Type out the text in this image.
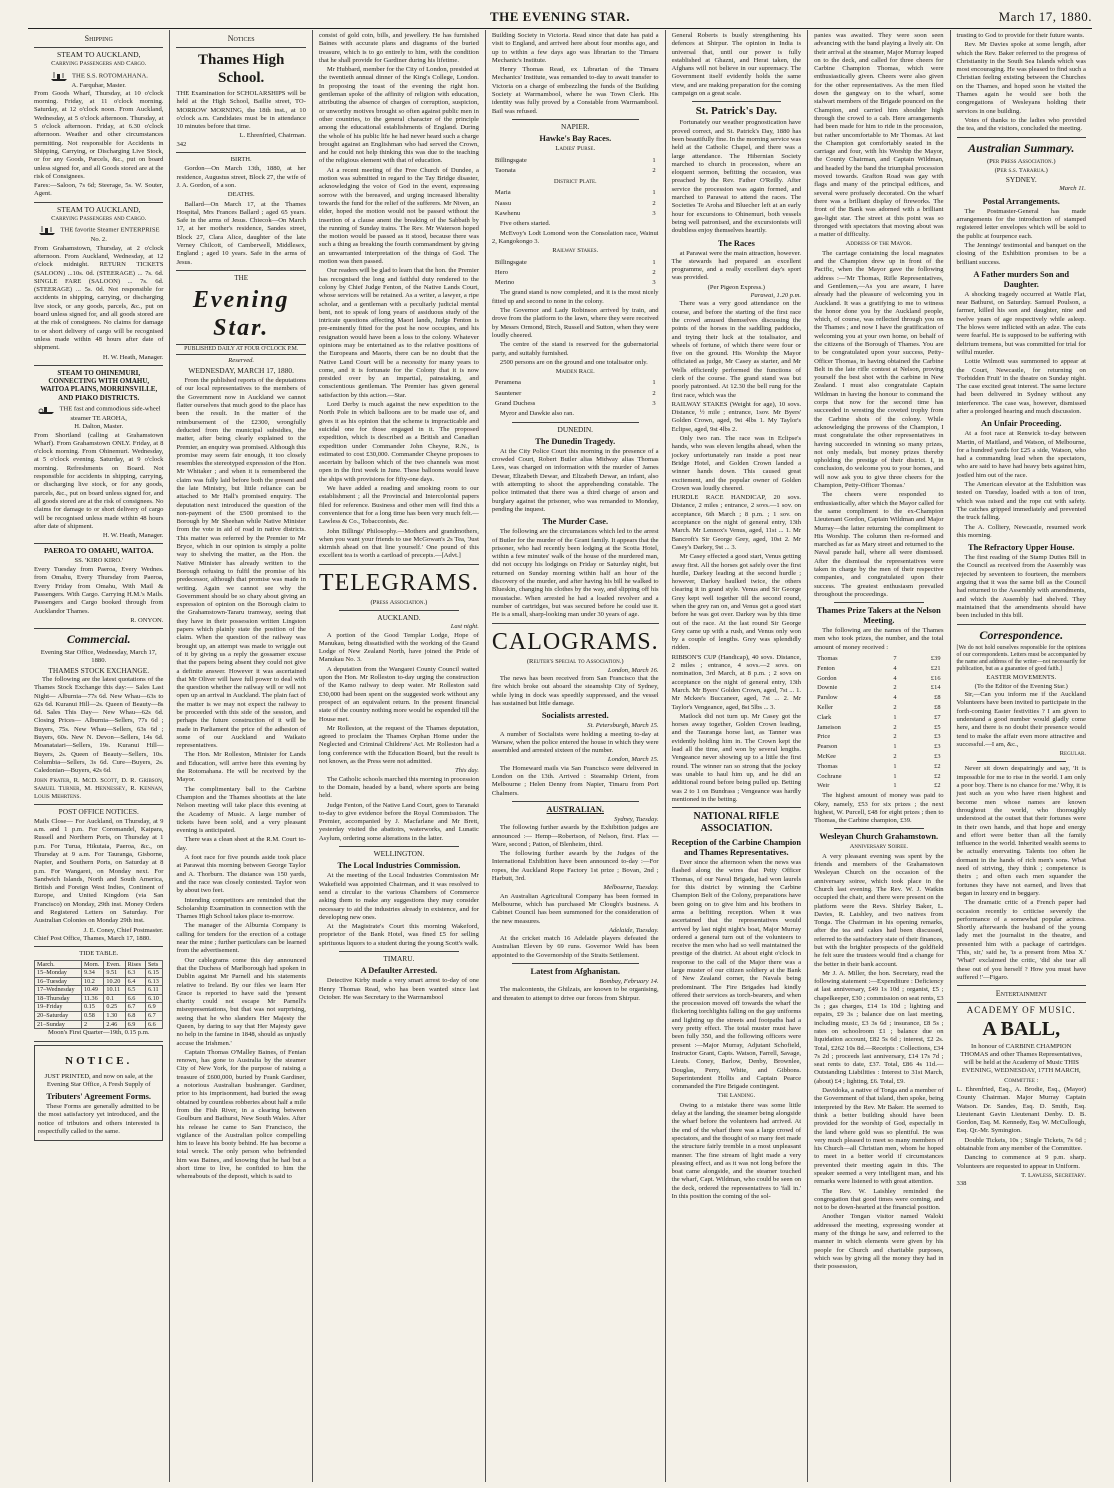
THE EVENING STAR.	March 17, 1880.
Shipping
STEAM TO AUCKLAND,
Carrying Passengers and Cargo.
THE S.S. ROTOMAHANA.
A. Farquhar, Master.

From Goods Wharf, Thursday, at 10 o'clock morning. Friday, at 11 o'clock morning. Saturday, at 12 o'clock noon. From Auckland, Wednesday, at 5 o'clock afternoon. Thursday, at 5 o'clock afternoon. Friday, at 6.30 o'clock afternoon. Weather and other circumstances permitting. Not responsible for Accidents in Shipping, Carrying, or Discharging Live Stock, or for any Goods, Parcels, &c., put on board unless signed for, and all Goods stored are at the risk of Consignees.

Fares:—Saloon, 7s 6d; Steerage, 5s. W. Souter, Agent.

STEAM TO AUCKLAND,
Carrying Passengers and Cargo.
THE favorite Steamer ENTERPRISE No. 2.

From Grahamstown, Thursday, at 2 o'clock afternoon. From Auckland, Wednesday, at 12 o'clock midnight. RETURN TICKETS (SALOON) ...10s. 0d. (STEERAGE) ... 7s. 6d. SINGLE FARE (SALOON) ... 7s. 6d. (STEERAGE) ... 5s. 0d. Not responsible for accidents in shipping, carrying, or discharging live stock, or any goods, parcels, &c., put on board unless signed for, and all goods stored are at the risk of consignees. No claims for damage to or short delivery of cargo will be recognised unless made within 48 hours after date of shipment.

H. W. Heath, Manager.
STEAM TO OHINEMURI, CONNECTING WITH OMAHU, WAITOA PLAINS, MORRINSVILLE, AND PIAKO DISTRICTS.
THE fast and commodious side-wheel steamer TE AROHA,
H. Dalton, Master.

From Shortland (calling at Grahamstown Wharf). From Grahamstown ONLY. Friday, at 8 o'clock morning. From Ohinemuri. Wednesday, at 5 o'clock evening. Saturday, at 9 o'clock morning. Refreshments on Board. Not responsible for accidents in shipping, carrying, or discharging live stock, or for any goods, parcels, &c., put on board unless signed for, and all goods stored are at the risk of consignees. No claims for damage to or short delivery of cargo will be recognised unless made within 48 hours after date of shipment.

H. W. Heath, Manager.
PAEROA TO OMAHU, WAITOA.
SS. 'KIRO KIRO.'

Every Tuesday from Paeroa, Every Wednes. from Omahu, Every Thursday from Paeroa, Every Friday from Omahu, With Mail & Passengers. With Cargo. Carrying H.M.'s Mails. Passengers and Cargo booked through from Aucklandor Thames.

R. ONYON.
Commercial.
Evening Star Office, Wednesday, March 17, 1880.
THAMES STOCK EXCHANGE.

The following are the latest quotations of the Thames Stock Exchange this day:— Sales Last Night— Alburnia—77s 6d. New Whau—63s to 62s 6d. Kuranui Hill—2s. Queen of Beauty—8s 6d. Sales This Day— New Whau—62s 6d. Closing Prices— Alburnia—Sellers, 77s 6d ; Buyers, 75s. New Whau—Sellers, 63s 6d ; Buyers, 60s. New N. Devon—Sellers, 14s 6d. Moanataiari—Sellers, 19s. Kuranui Hill—Buyers, 2s. Queen of Beauty—Sellers, 10s. Columbia—Sellers, 3s 6d. Cure—Buyers, 2s. Caledonian—Buyers, 42s 6d.

John Frater, R. McD. Scott, D. R. Gribson, Samuel Turner, M. Hennessey, R. Kennan, Louis Mehrtens.

POST OFFICE NOTICES.

Mails Close— For Auckland, on Thursday, at 9 a.m. and 1 p.m. For Coromandel, Kaipara, Russell and Northern Ports, on Thursday at 1 p.m. For Turua, Hikutaia, Paeroa, &c., on Thursday at 9 a.m. For Tauranga, Gisborne, Napier, and Southern Ports, on Saturday at 8 p.m. For Wangarei, on Monday next. For Sandwich Islands, North and South America, British and Foreign West Indies, Continent of Europe, and United Kingdom (via San Francisco) on Monday, 29th inst. Money Orders and Registered Letters on Saturday. For Australian Colonies on Monday 29th inst.

J. E. Coney, Chief Postmaster.

Chief Post Office, Thames, March 17, 1880.

TIDE TABLE.
March.	Morn.	Even.	Rises	Sets
15–Monday	9.34	9.51	6.3	6.15
16–Tuesday	10.2	10.20	6.4	6.13
17–Wednesday	10.49	10.11	6.5	6.11
18–Thursday	11.36	0.1	6.6	6.10
19–Friday	0.15	0.25	6.7	6.9
20–Saturday	0.58	1.30	6.8	6.7
21–Sunday	2	2.46	6.9	6.6
Moon's First Quarter—19th, 0.15 p.m.
NOTICE.

JUST PRINTED, and now on sale, at the Evening Star Office, A Fresh Supply of

Tributers' Agreement Forms.

These Forms are generally admitted to be the most satisfactory yet introduced, and the notice of tributors and others interested is respectfully called to the same.

Notices
Thames High School.

THE Examination for SCHOLARSHIPS will be held at the High School, Baillie street, TO-MORROW MORNING, the 18th inst., at 10 o'clock a.m. Candidates must be in attendance 10 minutes before that time.

L. Ehrenfried, Chairman.
342
BIRTH.

Gordon—On March 13th, 1880, at her residence, Augustus street, Block 27, the wife of J. A. Gordon, of a son.

DEATHS.

Ballard—On March 17, at the Thames Hospital, Mrs Frances Ballard ; aged 65 years. Safe in the arms of Jesus. Chiecok—On March 17, at her mother's residence, Sandes street, Block 27, Clara Alice, daughter of the late Verney Chilcott, of Camberwell, Middlesex, England ; aged 10 years. Safe in the arms of Jesus.

THE
Evening Star.
PUBLISHED DAILY AT FOUR O'CLOCK P.M.
Reserved.
WEDNESDAY, MARCH 17, 1880.

From the published reports of the deputations of our local representatives to the members of the Government now in Auckland we cannot flatter ourselves that much good to the place has been the result. In the matter of the reimbursement of the £2300, wrongfully deducted from the municipal subsidies, the matter, after being clearly explained to the Premier, an enquiry was promised. Although this promise may seem fair enough, it too closely resembles the stereotyped expression of the Hon. Mr Whitaker ; and when it is remembered the claim was fully laid before both the present and the late Ministry, but little reliance can be attached to Mr Hall's promised enquiry. The deputation next introduced the question of the non-payment of the £500 promised to the Borough by Mr Sheehan while Native Minister from the vote in aid of road in native districts. This matter was referred by the Premier to Mr Bryce, which in our opinion is simply a polite way to shelving the matter, as the Hon. the Native Minister has already written to the Borough refusing to fulfil the promise of his predecessor, although that promise was made in writing. Again we cannot see why the Government should be so chary about giving an expression of opinion on the Borough claim to the Grahamstown-Tararu tramway, seeing that they have in their possession written Lingston papers which plainly state the position of the claim. When the question of the railway was brought up, an attempt was made to wriggle out of it by giving us a reply the gossamer excuse that the papers being absent they could not give a definite answer. However it was ascertained that Mr Oliver will have full power to deal with the question whether the railway will or will not open up an arrival in Auckland. The plain fact of the matter is we may not expect the railway to be proceeded with this side of the session, and perhaps the future construction of it will be made in Parliament the price of the adhesion of some of our Auckland and Waikato representatives.

The Hon. Mr Rolleston, Minister for Lands and Education, will arrive here this evening by the Rotomahana. He will be received by the Mayor.

The complimentary ball to the Carbine Champion and the Thames shootists at the late Nelson meeting will take place this evening at the Academy of Music. A large number of tickets have been sold, and a very pleasant evening is anticipated.

There was a clean sheet at the R.M. Court to-day.

A foot race for five pounds aside took place at Parawai this morning between George Taylor and A. Thorburn. The distance was 150 yards, and the race was closely contested. Taylor won by about two feet.

Intending competitors are reminded that the Scholarship Examination in connection with the Thames High School takes place to-morrow.

The manager of the Alburnia Company is calling for tenders for the erection of a cottage near the mine ; further particulars can be learned from the advertisement.

Our cablegrams come this day announced that the Duchess of Marlborough had spoken in Dublin against Mr Parnell and his statements relative to Ireland. By our files we learn Her Grace is reported to have said the 'present charity could not escape Mr Parnell's misrepresentations, but that was not surprising, seeing that he who slanders Her Majesty the Queen, by daring to say that Her Majesty gave no help in the famine in 1848, should as unjustly accuse the Irishmen.'

Captain Thomas O'Malley Baines, of Fenian renown, has gone to Australia by the steamer City of New York, for the purpose of raising a treasure of £600,000, buried by Frank Gardiner, a notorious Australian bushranger. Gardiner, prior to his imprisonment, had buried the swag obtained by countless robberies about half a mile from the Fish River, in a clearing between Goulburn and Bathurst, New South Wales. After his release he came to San Francisco, the vigilance of the Australian police compelling him to leave his booty behind. He has become a total wreck. The only person who befriended him was Baines, and knowing that he had but a short time to live, he confided to him the whereabouts of the deposit, which is said to

consist of gold coin, bills, and jewellery. He has furnished Baines with accurate plans and diagrams of the buried treasure, which is to go entirely to him, with the condition that he shall provide for Gardiner during his lifetime.

Mr Hubbard, member for the City of London, presided at the twentieth annual dinner of the King's College, London. In proposing the toast of the evening the right hon. gentleman spoke of the affinity of religion with education, attributing the absence of charges of corruption, suspicion, or unworthy motives brought so often against public men in other countries, to the general character of the principle among the educational establishments of England. During the whole of his public life he had never heard such a charge brought against an Englishman who had served the Crown, and he could not help thinking this was due to the teaching of the religious element with that of education.

At a recent meeting of the Free Church of Dundee, a motion was submitted in regard to the Tay Bridge disaster, acknowledging the voice of God in the event, expressing sorrow with the bereaved, and urging increased liberality towards the fund for the relief of the sufferers. Mr Niven, an elder, hoped the motion would not be passed without the insertion of a clause anent the breaking of the Sabbath by the running of Sunday trains. The Rev. Mr Waterson hoped the motion would be passed as it stood, because there was such a thing as breaking the fourth commandment by giving an unwarranted interpretation of the things of God. The motion was then passed.

Our readers will be glad to learn that the hon. the Premier has recognised the long and faithful duty rendered to the colony by Chief Judge Fenton, of the Native Lands Court, whose services will be retained. As a writer, a lawyer, a ripe scholar, and a gentleman with a peculiarly judicial mental bent, not to speak of long years of assiduous study of the intricate questions affecting Maori lands, Judge Fenton is pre-eminently fitted for the post he now occupies, and his resignation would have been a loss to the colony. Whatever opinions may be entertained as to the relative positions of the Europeans and Maoris, there can be no doubt that the Native Land Court will be a necessity for many years to come, and it is fortunate for the Colony that it is now presided over by an impartial, painstaking, and conscientious gentleman. The Premier has given general satisfaction by this action.—Star.

Lord Derby is much against the new expedition to the North Pole in which balloons are to be made use of, and gives it as his opinion that the scheme is impracticable and suicidal one for those engaged in it. The proposed expedition, which is described as a British and Canadian expedition under Commander John Cheyne, R.N., is estimated to cost £30,000. Commander Cheyne proposes to ascertain by balloon which of the two channels was most open in the first week in June. These balloons would leave the ships with provisions for fifty-one days.

We have added a reading and smoking room to our establishment ; all the Provincial and Intercolonial papers filed for reference. Business and other men will find this a convenience that for a long time has been very much felt.—Lawless & Co., Tobacconists, &c.

John Billings' Philosophy.—Mothers and grandmothers, when you want your friends to use McGowan's 2s Tea, 'Just skirnish ahead on that line yourself.' One pound of this excellent tea is worth a cartload of precepts.—[Advt.]

TELEGRAMS.
(Press Association.)
AUCKLAND.
Last night.

A portion of the Good Templar Lodge, Hope of Manukau, being dissatisfied with the working of the Grand Lodge of New Zealand North, have joined the Pride of Manukau No. 3.

A deputation from the Wangarei County Council waited upon the Hon. Mr Rolleston to-day urging the construction of the Kamo railway to deep water. Mr Rolleston said £30,000 had been spent on the suggested work without any prospect of an equivalent return. In the present financial state of the country nothing more would be expended till the House met.

Mr Rolleston, at the request of the Thames deputation, agreed to proclaim the Thames Orphan Home under the Neglected and Criminal Childrens' Act. Mr Rolleston had a long conference with the Education Board, but the result is not known, as the Press were not admitted.

This day.

The Catholic schools marched this morning in procession to the Domain, headed by a band, where sports are being held.

Judge Fenton, of the Native Land Court, goes to Taranaki to-day to give evidence before the Royal Commission. The Premier, accompanied by J. Macfarlane and Mr Brett, yesterday visited the abattoirs, waterworks, and Lunatic Asylum, ordering some alterations in the latter.

WELLINGTON.
The Local Industries Commission.

At the meeting of the Local Industries Commission Mr Wakefield was appointed Chairman, and it was resolved to send a circular to the various Chambers of Commerce asking them to make any suggestions they may consider necessary to aid the industries already in existence, and for developing new ones.

At the Magistrate's Court this morning Wakeford, proprietor of the Bank Hotel, was fined £5 for selling spirituous liquors to a student during the young Scott's walk.

TIMARU.
A Defaulter Arrested.

Detective Kirby made a very smart arrest to-day of one Henry Thomas Read, who has been wanted since last October. He was Secretary to the Warrnambool

Building Society in Victoria. Read since that date has paid a visit to England, and arrived here about four months ago, and up to within a few days ago was librarian to the Timaru Mechanic's Institute.

Henry Thomas Read, ex Librarian of the Timaru Mechanics' Institute, was remanded to-day to await transfer to Victoria on a charge of embezzling the funds of the Building Society at Warrnambool, where he was Town Clerk. His identity was fully proved by a Constable from Warrnambool. Bail was refused.

NAPIER.
Hawke's Bay Races.
Ladies' Purse.
Billingsgate	1
Taonata	2
District Plate.
Maria	1
Nassu	2
Kawhenu	3

Five others started.

McEvoy's Lodt Lomond won the Consolation race, Wainui 2, Kangokongo 3.

Railway Stakes.
Billingsgate	1
Hero	2
Merino	3

The grand stand is now completed, and it is the most nicely fitted up and second to none in the colony.

The Governor and Lady Robinson arrived by train, and drove from the platform to the lawn, where they were received by Messrs Ormond, Birch, Russell and Sutton, when they were loudly cheered.

The centre of the stand is reserved for the gubernatorial party, and suitably furnished.

2500 persons are on the ground and one totalisator only.

Maiden Race.
Peramena	1
Sauntener	2
Grand Duchess	3

Myror and Dawkie also ran.

DUNEDIN.
The Dunedin Tragedy.

At the City Police Court this morning in the presence of a crowded Court, Robert Butler alias Midway alias Thomas Lees, was charged on information with the murder of James Dewar, Elizabeth Dewar, and Elizabeth Dewar, an infant, also with attempting to shoot the apprehending constable. The police intimated that there was a third charge of arson and burglary against the prisoner, who was remanded to Monday, pending the inquest.

The Murder Case.

The following are the circumstances which led to the arrest of Butler for the murder of the Grant family. It appears that the prisoner, who had recently been lodging at the Scotia Hotel, within a few minutes' walk of the house of the murdered man, did not occupy his lodgings on Friday or Saturday night, but returned on Sunday morning within half an hour of the discovery of the murder, and after having his bill he walked to Blueskin, changing his clothes by the way, and slipping off his moustache. When arrested he had a loaded revolver and a number of cartridges, but was secured before he could use it. He is a small, sharp-looking man under 30 years of age.

CALOGRAMS.
(Reuter's Special to Association.)
London, March 16.

The news has been received from San Francisco that the fire which broke out aboard the steamship City of Sydney, while lying in dock was speedily suppressed, and the vessel has sustained but little damage.

Socialists arrested.
St. Petersburgh, March 15.

A number of Socialists were holding a meeting to-day at Warsaw, when the police entered the house in which they were assembled and arrested sixteen of the number.

London, March 15.

The Homeward mails via San Francisco were delivered in London on the 13th. Arrived : Steamship Orient, from Melbourne ; Helen Denny from Napier, Timaru from Port Chalmers.

AUSTRALIAN.
Sydney, Tuesday.

The following further awards by the Exhibition judges are announced :— Hemp—Robertson, of Nelson, first. Flax —Ware, second ; Patton, of Blenheim, third.

The following further awards by the Judges of the International Exhibition have been announced to-day :—For ropes, the Auckland Rope Factory 1st prize ; Bovan, 2nd ; Harbutt, 3rd.

Melbourne, Tuesday.

An Australian Agricultural Company has been formed in Melbourne, which has purchased Mr Clough's business. A Cabinet Council has been summoned for the consideration of the new measures.

Adelaide, Tuesday.

At the cricket match 16 Adelaide players defeated the Australian Eleven by 69 runs. Governor Weld has been appointed to the Governorship of the Straits Settlement.

Latest from Afghanistan.
Bombay, February 14.

The malcontents, the Ghilzais, are known to be organising, and threaten to attempt to drive our forces from Shirpur.

General Roberts is busily strengthening his defences at Shirpur. The opinion in India is universal that, until our power is fully established at Ghazni, and Herat taken, the Afghans will not believe in our supremacy. The Government itself evidently holds the same view, and are making preparation for the coming campaign on a great scale.

St. Patrick's Day.

Fortunately our weather prognostication have proved correct, and St. Patrick's Day, 1880 has been beautifully fine. In the morning service was held at the Catholic Chapel, and there was a large attendance. The Hibernian Society marched to church in procession, where an eloquent sermon, befitting the occasion, was preached by the Rev. Father O'Reilly. After service the procession was again formed, and marched to Parawai to attend the races. The Societies Te Aroha and Bluecher left at an early hour for excursions to Ohinemuri, both vessels being well patronised, and the excursionists will doubtless enjoy themselves heartily.

The Races

at Parawai were the main attraction, however. The stewards had prepared an excellent programme, and a really excellent day's sport was provided.

(Per Pigeon Express.)
Parawai, 1.20 p.m.

There was a very good attendance on the course, and before the starting of the first race the crowd amused themselves discussing the points of the horses in the saddling paddocks, and trying their luck at the totalisator, and wheels of fortune, of which there were four or five on the ground. His Worship the Mayor officiated as judge, Mr Casey as starter, and Mr Wells efficiently performed the functions of clerk of the course. The grand stand was but poorly patronised. At 12.30 the bell rung for the first race, which was the

RAILWAY STAKES (Weight for age), 10 sovs. Distance, ½ mile ; entrance, 1sov. Mr Byers' Golden Crown, aged, 9st 4lbs 1. My Taylor's Eclipse, aged, 9st 4lbs 2.

Only two ran. The race was in Eclipse's hands, who was eleven lengths ahead, when the jockey unfortunately ran inside a post near Bridge Hotel, and Golden Crown landed a winner hands down. This caused great excitement, and the popular owner of Golden Crown was loudly cheered.

HURDLE RACE HANDICAP, 20 sovs. Distance, 2 miles ; entrance, 2 sovs.—1 sov. on acceptance, 6th March ; 8 p.m. ; 1 sov. on acceptance on the night of general entry, 13th March. Mr Lennox's Venus, aged, 11st ... 1. Mr Bancroft's Sir George Grey, aged, 10st 2. Mr Casey's Darkey, 9st ... 3.

Mr Casey effected a good start, Venus getting away first. All the horses got safely over the first hurdle, Darkey leading at the second hurdle ; however, Darkey baulked twice, the others clearing it in grand style. Venus and Sir George Grey kept well together till the second round, when the grey ran on, and Venus got a good start before he was got over. Darkey was by this time out of the race. At the last round Sir George Grey came up with a rush, and Venus only won by a couple of lengths. Grey was splendidly ridden.

RIBBON'S CUP (Handicap), 40 sovs. Distance, 2 miles ; entrance, 4 sovs.—2 sovs. on nomination, 3rd March, at 8 p.m. ; 2 sovs on acceptance on the night of general entry, 13th March. Mr Byers' Golden Crown, aged, 7st ... 1. Mr Mckee's Buccaneer, aged, 7st ... 2. Mr Taylor's Vengeance, aged, 8st 5lbs ... 3.

Matlock did not turn up. Mr Casey got the horses away together, Golden Crown leading, and the Tauranga horse last, as Tanner was evidently holding him in. The Crown kept the lead all the time, and won by several lengths. Vengeance never showing up to a little the first round. The winner ran so strong that the jockey was unable to haul him up, and he did an additional round before being pulled up. Betting was 2 to 1 on Bundrass ; Vengeance was hardly mentioned in the betting.

NATIONAL RIFLE ASSOCIATION.
Reception of the Carbine Champion and Thames Representatives.

Ever since the afternoon when the news was flashed along the wires that Petty Officer Thomas, of our Naval Brigade, had won laurels for this district by winning the Carbine Champion Belt of the Colony, preparations have been going on to give him and his brothers in arms a befitting reception. When it was ascertained that the representatives would arrived by last night night's boat, Major Murray ordered a general turn out of the volunteers to receive the men who had so well maintained the prestige of the district. At about eight o'clock in response to the call of the Major there was a large muster of our citizen soldiery at the Bank of New Zealand corner, the Navals being predominant. The Fire Brigades had kindly offered their services as torch-bearers, and when the procession moved off towards the wharf the flickering torchlights falling on the gay uniforms and lighting up the streets and footpaths had a very pretty effect. The total muster must have been fully 350, and the following officers were present :—Major Murray, Adjutant Schofield, Instructor Grant, Capts. Watson, Farrell, Savage, Lieuts. Coney, Barlow, Denby, Brownlee, Douglas, Perry, White, and Gibbons. Superintendent Hollis and Captain Pearce commanded the Fire Brigade contingent.

The Landing.

Owing to a mistake there was some little delay at the landing, the steamer being alongside the wharf before the volunteers had arrived. At the end of the wharf there was a large crowd of spectators, and the thought of so many feet made the structure fairly tremble in a most unpleasant manner. The fine stream of light made a very pleasing effect, and as it was not long before the boat came alongside, and the steamer touched the wharf, Capt. Wildman, who could be seen on the deck, ordered the representatives to 'fall in.' In this position the coming of the sol-

panies was awaited. They were soon seen advancing with the band playing a lively air. On their arrival at the steamer, Major Murray leaped on to the deck, and called for three cheers for Carbine Champion Thomas, which were enthusiastically given. Cheers were also given for the other representatives. As the men filed down the gangway on to the wharf, some stalwart members of the Brigade pounced on the Champion, and carried him shoulder high through the crowd to a cab. Here arrangements had been made for him to ride in the procession, but rather uncomfortable to Mr Thomas. At last the Champion got comfortably seated in the carriage and four, with his Worship the Mayor, the County Chairman, and Captain Wildman, and headed by the band the triumphal procession moved towards. Grafton Road was gay with flags and many of the principal edifices, and several were profusely decorated. On the wharf there was a brilliant display of fireworks. The front of the Bank was adorned with a brilliant gas-light star. The street at this point was so thronged with spectators that moving about was a matter of difficulty.

Address of the Mayor.

The carriage containing the local magnates and the Champion drew up in front of the Pacific, when the Mayor gave the following address :—'Mr Thomas, Rifle Representatives, and Gentlemen,—As you are aware, I have already had the pleasure of welcoming you in Auckland. It was a gratifying to me to witness the honor done you by the Auckland people, which, of course, was reflected through you on the Thames ; and now I have the gratification of welcoming you at your own home, on behalf of the citizens of the Borough of Thames. You are to be congratulated upon your success, Petty-Officer Thomas, in having obtained the Carbine Belt in the late rifle contest at Nelson, proving yourself the best shot with the carbine in New Zealand. I must also congratulate Captain Wildman in having the honour to command the corps that now for the second time has succeeded in wresting the coveted trophy from the Carbine shots of the colony. While acknowledging the prowess of the Champion, I must congratulate the other representatives in having succeeded in winning so many prizes, not only medals, but money prizes thereby upholding the prestige of their district. I, in conclusion, do welcome you to your homes, and will now ask you to give three cheers for the Champion, Petty-Officer Thomas.'

The cheers were responded to enthusiastically, after which the Mayor called for the same compliment to the ex-Champion Lieutenant Gordon, Captain Wildman and Major Murray—the latter returning the compliment to His Worship. The column then re-formed and marched as far as Mary street and returned to the Naval parade hall, where all were dismissed. After the dismissal the representatives were taken in charge by the men of their respective companies, and congratulated upon their success. The greatest enthusiasm prevailed throughout the proceedings.

Thames Prize Takers at the Nelson Meeting.

The following are the names of the Thames men who took prizes, the number, and the total amount of money received :

Thomas	7	£39
Fenton	4	£21
Gordon	4	£16
Downie	2	£14
Parslow	4	£8
Keller	2	£8
Clark	1	£7
Jameison	2	£5
Price	2	£3
Pearson	1	£3
McKee	2	£3
Thomas	1	£2
Cochrane	1	£2
Weir	1	£2

The highest amount of money was paid to Okey, namely, £53 for six prizes ; the next highest, W. Purcell, £48 for eight prizes ; then to Thomas, the Carbine champion, £39.

Wesleyan Church Grahamstown.
Anniversary Soiree.

A very pleasant evening was spent by the friends and members of the Grahamstown Wesleyan Church on the occasion of the anniversary soiree, which took place in the Church last evening. The Rev. W. J. Watkin occupied the chair, and there were present on the platform were the Revs. Shirley Baker, L. Davies, R. Laishley, and two natives from Tonga. The Chairman in his opening remarks, after the tea and cakes had been discussed, referred to the satisfactory state of their finances, but with the brighter prospects of the goldfield he felt sure the trustees would find a change for the better in their bank account.

Mr J. A. Miller, the hon. Secretary, read the following statement :—Expenditure : Deficiency at last anniversary, £49 1s 10d ; organist, £5 ; chapelkeeper, £30 ; commission on seat rents, £3 3s ; gas charges, £14 1s 10d ; lighting and repairs, £9 3s ; balance due on last meeting, including music, £3 3s 6d ; insurance, £8 5s ; rates on schoolroom £1 ; balance due on liquidation account, £82 5s 6d ; interest, £2 2s. Total, £262 10s 8d.—Receipts : Collections, £34 7s 2d ; proceeds last anniversary, £14 17s 7d ; seat rents to date, £37. Total, £86 4s 11d.—Outstanding Liabilities : Interest to 31st March, (about) £4 ; lighting, £6. Total, £9.

Davidoka, a native of Tonga and a member of the Government of that island, then spoke, being interpreted by the Rev. Mr Baker. He seemed to think a better building should have been provided for the worship of God, especially in the land where gold was so plentiful. He was very much pleased to meet so many members of his Church—all Christian men, whom he hoped to meet in a better world if circumstances prevented their meeting again in this. The speaker seemed a very intelligent man, and his remarks were listened to with great attention.

The Rev. W. Laishley reminded the congregation that good times were coming, and not to be down-hearted at the financial position.

Another Tongan visitor named Waloki addressed the meeting, expressing wonder at many of the things he saw, and referred to the manner in which elements were given by his people for Church and charitable purposes, which was by giving all the money they had in their possession,

trusting to God to provide for their future wants.

Rev. Mr Davies spoke at some length, after which the Rev. Baker referred to the progress of Christianity in the South Sea Islands which was most encouraging. He was pleased to find such a Christian feeling existing between the Churches on the Thames, and hoped soon he visited the Thames again he would see both the congregations of Wesleyans holding their services in one building.

Votes of thanks to the ladies who provided the tea, and the visitors, concluded the meeting.

Australian Summary.
(Per Press Association.)
(Per s.s. Tararua.)
SYDNEY.
March 11.
Postal Arrangements.

The Postmaster-General has made arrangements for the introduction of stamped registered letter envelopes which will be sold to the public at fourpence each.

The Jennings' testimonial and banquet on the closing of the Exhibition promises to be a brilliant success.

A Father murders Son and Daughter.

A shocking tragedy occurred at Wattle Flat, near Bathurst, on Saturday. Samuel Poulson, a farmer, killed his son and daughter, nine and twelve years of age respectively while asleep. The blows were inflicted with an adze. The cuts were fearful. He is supposed to be suffering with delirium tremens, but was committed for trial for wilful murder.

Lottie Wilmott was summoned to appear at the Court, Newcastle, for returning on 'Forbidden Fruit' in the theatre on Sunday night. The case excited great interest. The same lecture had been delivered in Sydney without any interference. The case was, however, dismissed after a prolonged hearing and much discussion.

An Unfair Proceeding.

At a foot race at Renwick to-day between Martin, of Maitland, and Watson, of Melbourne, for a hundred yards for £25 a side, Watson, who had a commanding lead when the spectators, who are said to have had heavy bets against him, jostled him out of the race.

The American elevator at the Exhibition was tested on Tuesday, loaded with a ton of iron, which was raised and the rope cut with safety. The catches gripped immediately and prevented the truck falling.

The A. Colliery, Newcastle, resumed work this morning.

The Refractory Upper House.

The first reading of the Stamp Duties Bill in the Council as received from the Assembly was rejected by seventeen to fourteen, the members arguing that it was the same bill as the Council had returned to the Assembly with amendments, and which the Assembly had shelved. They maintained that the amendments should have been included in this bill.

Correspondence.

[We do not hold ourselves responsible for the opinions of our correspondents. Letters must be accompanied by the name and address of the writer—not necessarily for publication, but as a guarantee of good faith.]

EASTER MOVEMENTS.
(To the Editor of the Evening Star.)

Sir,—Can you inform me if the Auckland Volunteers have been invited to participate in the forth-coming Easter festivities ? I am given to understand a good number would gladly come here, and there is no doubt their presence would tend to make the affair even more attractive and successful.—I am, &c.,

Regular.

Never sit down despairingly and say, 'It is impossible for me to rise in the world. I am only a poor boy. There is no chance for me.' Why, it is just such as you who have risen highest and become men whose names are known throughout the world, who thoroughly understood at the outset that their fortunes were in their own hands, and that hope and energy and effort were better than all the family influence in the world. Inherited wealth seems to be actually enervating. Talents too often lie dormant in the hands of rich men's sons. What need of striving, they think ; competence is theirs ; and often each men squander the fortunes they have not earned, and lives that began in luxury end in beggary.

The dramatic critic of a French paper had occasion recently to criticise severely the performance of a somewhat popular actress. Shortly afterwards the husband of the young lady met the journalist in the theatre, and presented him with a package of cartridges. 'This, sir,' said he, 'is a present from Miss X.' 'What!' exclaimed the critic, 'did she tear all these out of you herself ? How you must have suffered !'—Figaro.

Entertainment
ACADEMY OF MUSIC.
A BALL,

In honour of CARBINE CHAMPION THOMAS and other Thames Representatives, will be held at the Academy of Music THIS EVENING, WEDNESDAY, 17TH MARCH,

Committee :

L. Ehrenfried, Esq., A. Brodie, Esq., (Mayor) County Chairman. Major Murray Captain Watson. Dr. Sandes, Esq. D. Smith, Esq. Lieutenant Gavin Lieutenant Denby. D. B. Gordon, Esq. M. Kennedy, Esq. W. McCullough, Esq. Qr.-Mr. Symington.

Double Tickets, 10s ; Single Tickets, 7s 6d ; obtainable from any member of the Committee.

Dancing to commence at 9 p.m. sharp. Volunteers are requested to appear in Uniform.

T. Lawless, Secretary.
338
